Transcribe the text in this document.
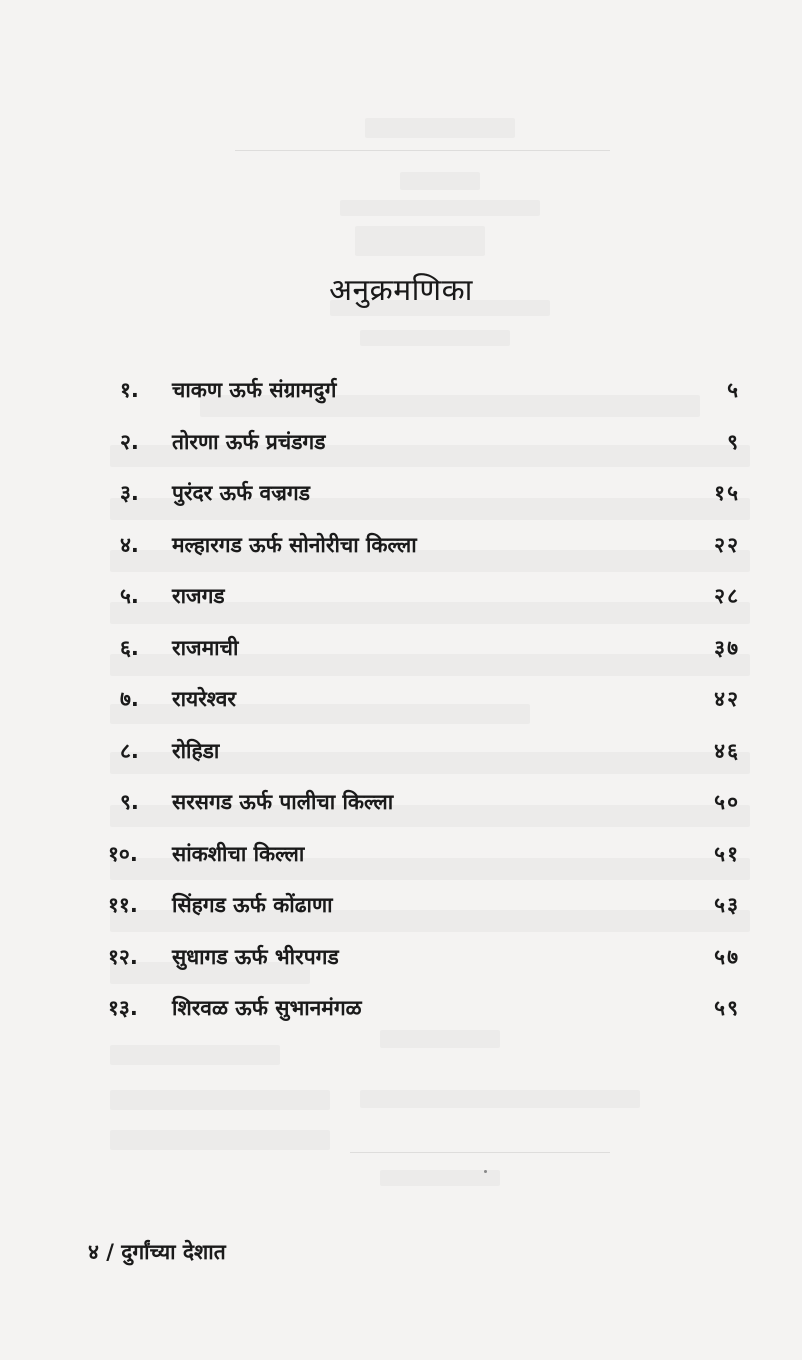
अनुक्रमणिका
१.	चाकण ऊर्फ संग्रामदुर्ग	५
२.	तोरणा ऊर्फ प्रचंडगड	९
३.	पुरंदर ऊर्फ वज्रगड	१५
४.	मल्हारगड ऊर्फ सोनोरीचा किल्ला	२२
५.	राजगड	२८
६.	राजमाची	३७
७.	रायरेश्वर	४२
८.	रोहिडा	४६
९.	सरसगड ऊर्फ पालीचा किल्ला	५०
१०.	सांकशीचा किल्ला	५१
११.	सिंहगड ऊर्फ कोंढाणा	५३
१२.	सुधागड ऊर्फ भीरपगड	५७
१३.	शिरवळ ऊर्फ सुभानमंगळ	५९
४ / दुर्गांच्या देशात
